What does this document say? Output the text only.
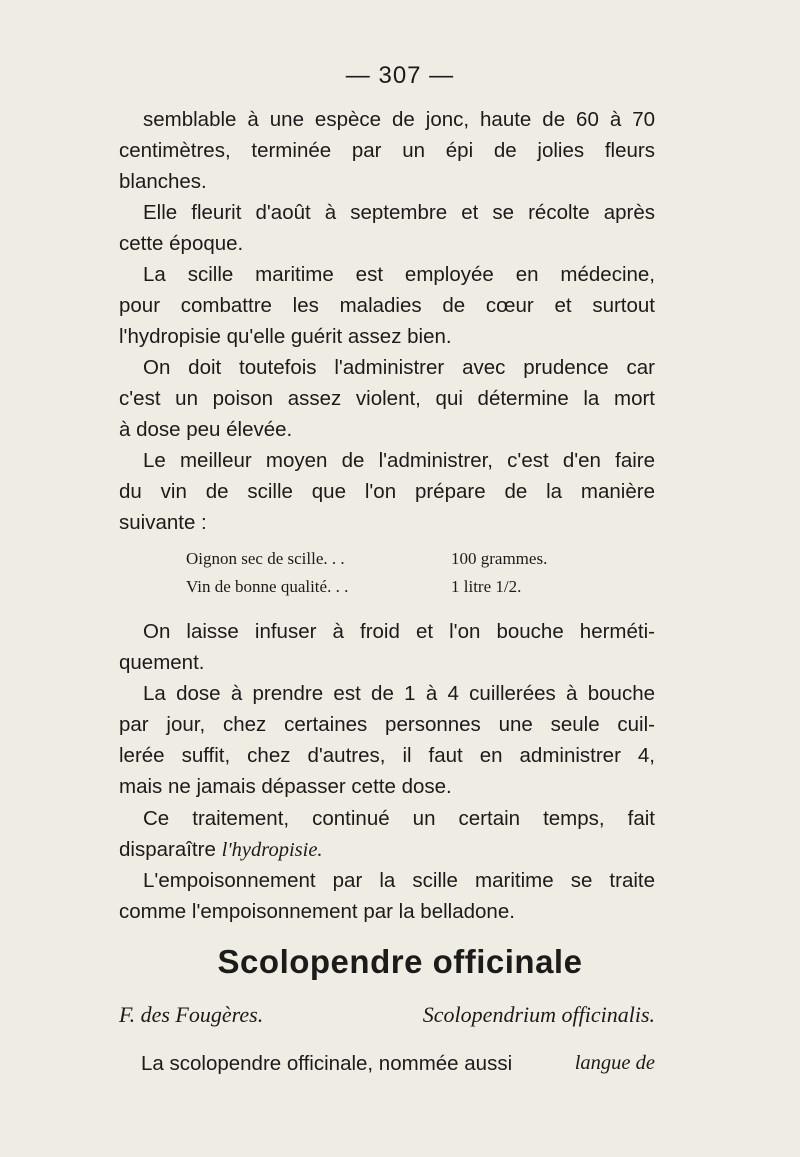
— 307 —

semblable à une espèce de jonc, haute de 60 à 70
centimètres, terminée par un épi de jolies fleurs
blanches.

Elle fleurit d'août à septembre et se récolte après
cette époque.

La scille maritime est employée en médecine,
pour combattre les maladies de cœur et surtout
l'hydropisie qu'elle guérit assez bien.

On doit toutefois l'administrer avec prudence car
c'est un poison assez violent, qui détermine la mort
à dose peu élevée.

Le meilleur moyen de l'administrer, c'est d'en faire
du vin de scille que l'on prépare de la manière
suivante :

Oignon sec de scille. . .	100 grammes.
Vin de bonne qualité. . .	1 litre 1/2.

On laisse infuser à froid et l'on bouche herméti-
quement.

La dose à prendre est de 1 à 4 cuillerées à bouche
par jour, chez certaines personnes une seule cuil-
lerée suffit, chez d'autres, il faut en administrer 4,
mais ne jamais dépasser cette dose.

Ce traitement, continué un certain temps, fait

disparaître l'hydropisie.

L'empoisonnement par la scille maritime se traite
comme l'empoisonnement par la belladone.

Scolopendre officinale
F. des Fougères.	Scolopendrium officinalis.
La scolopendre officinale, nommée aussi	langue de
